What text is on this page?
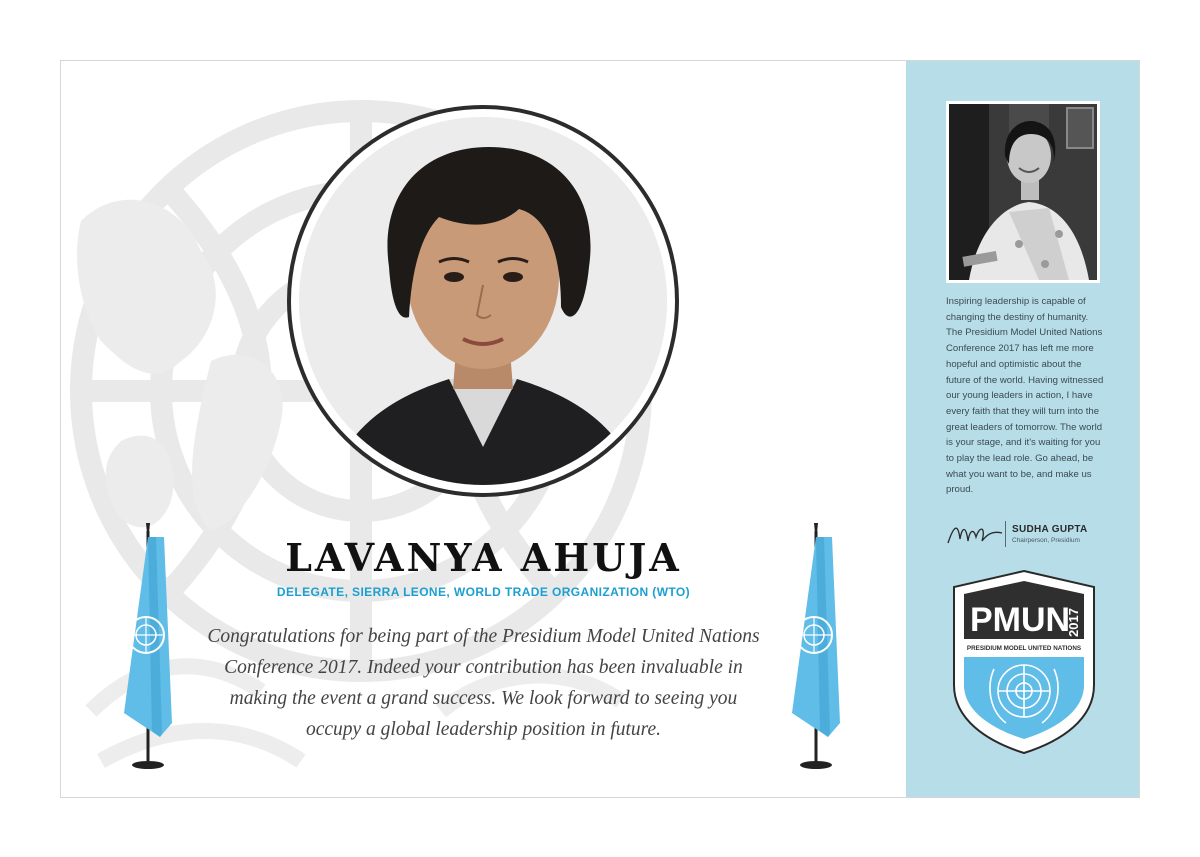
LAVANYA AHUJA
DELEGATE, SIERRA LEONE, WORLD TRADE ORGANIZATION (WTO)
Congratulations for being part of the Presidium Model United Nations Conference 2017. Indeed your contribution has been invaluable in making the event a grand success. We look forward to seeing you occupy a global leadership position in future.
Inspiring leadership is capable of changing the destiny of humanity. The Presidium Model United Nations Conference 2017 has left me more hopeful and optimistic about the future of the world. Having witnessed our young leaders in action, I have every faith that they will turn into the great leaders of tomorrow. The world is your stage, and it's waiting for you to play the lead role. Go ahead, be what you want to be, and make us proud.
SUDHA GUPTA
Chairperson, Presidium
PMUN
2017
PRESIDIUM MODEL UNITED NATIONS
